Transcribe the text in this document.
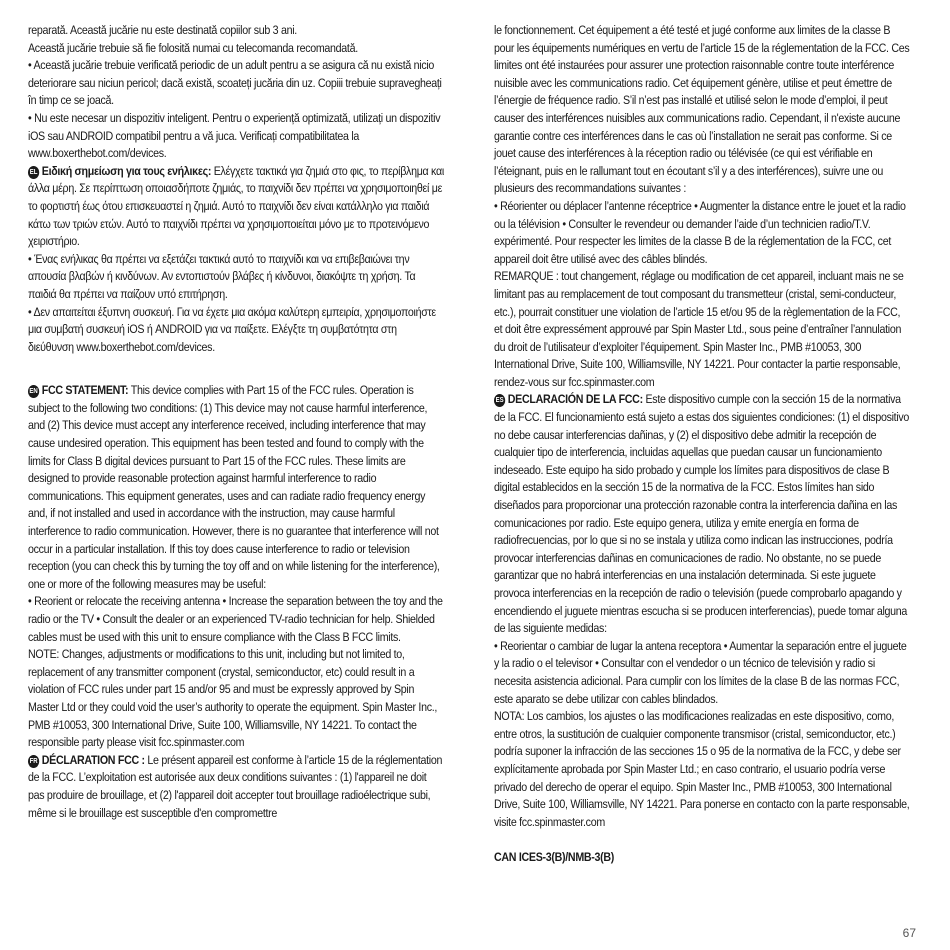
reparată. Această jucărie nu este destinată copiilor sub 3 ani.

Această jucărie trebuie să fie folosită numai cu telecomanda recomandată.

• Această jucărie trebuie verificată periodic de un adult pentru a se asigura că nu există nicio deteriorare sau niciun pericol; dacă există, scoateți jucăria din uz. Copiii trebuie supravegheați în timp ce se joacă.

• Nu este necesar un dispozitiv inteligent. Pentru o experiență optimizată, utilizați un dispozitiv iOS sau ANDROID compatibil pentru a vă juca. Verificați compatibilitatea la www.boxerthebot.com/devices.

EL Ειδική σημείωση για τους ενήλικες: Ελέγχετε τακτικά για ζημιά στο φις, το περίβλημα και άλλα μέρη. Σε περίπτωση οποιασδήποτε ζημιάς, το παιχνίδι δεν πρέπει να χρησιμοποιηθεί με το φορτιστή έως ότου επισκευαστεί η ζημιά. Αυτό το παιχνίδι δεν είναι κατάλληλο για παιδιά κάτω των τριών ετών. Αυτό το παιχνίδι πρέπει να χρησιμοποιείται μόνο με το προτεινόμενο χειριστήριο.

• Ένας ενήλικας θα πρέπει να εξετάζει τακτικά αυτό το παιχνίδι και να επιβεβαιώνει την απουσία βλαβών ή κινδύνων. Αν εντοπιστούν βλάβες ή κίνδυνοι, διακόψτε τη χρήση. Τα παιδιά θα πρέπει να παίζουν υπό επιτήρηση.

• Δεν απαιτείται έξυπνη συσκευή. Για να έχετε μια ακόμα καλύτερη εμπειρία, χρησιμοποιήστε μια συμβατή συσκευή iOS ή ANDROID για να παίξετε. Ελέγξτε τη συμβατότητα στη διεύθυνση www.boxerthebot.com/devices.

EN FCC STATEMENT: This device complies with Part 15 of the FCC rules. Operation is subject to the following two conditions: (1) This device may not cause harmful interference, and (2) This device must accept any interference received, including interference that may cause undesired operation. This equipment has been tested and found to comply with the limits for Class B digital devices pursuant to Part 15 of the FCC rules. These limits are designed to provide reasonable protection against harmful interference to radio communications. This equipment generates, uses and can radiate radio frequency energy and, if not installed and used in accordance with the instruction, may cause harmful interference to radio communication. However, there is no guarantee that interference will not occur in a particular installation. If this toy does cause interference to radio or television reception (you can check this by turning the toy off and on while listening for the interference), one or more of the following measures may be useful:

• Reorient or relocate the receiving antenna • Increase the separation between the toy and the radio or the TV • Consult the dealer or an experienced TV-radio technician for help. Shielded cables must be used with this unit to ensure compliance with the Class B FCC limits.

NOTE: Changes, adjustments or modifications to this unit, including but not limited to, replacement of any transmitter component (crystal, semiconductor, etc) could result in a violation of FCC rules under part 15 and/or 95 and must be expressly approved by Spin Master Ltd or they could void the user’s authority to operate the equipment. Spin Master Inc., PMB #10053, 300 International Drive, Suite 100, Williamsville, NY 14221. To contact the responsible party please visit fcc.spinmaster.com

FR DÉCLARATION FCC : Le présent appareil est conforme à l’article 15 de la réglementation de la FCC. L’exploitation est autorisée aux deux conditions suivantes : (1) l'appareil ne doit pas produire de brouillage, et (2) l'appareil doit accepter tout brouillage radioélectrique subi, même si le brouillage est susceptible d'en compromettre

le fonctionnement. Cet équipement a été testé et jugé conforme aux limites de la classe B pour les équipements numériques en vertu de l’article 15 de la réglementation de la FCC. Ces limites ont été instaurées pour assurer une protection raisonnable contre toute interférence nuisible avec les communications radio. Cet équipement génère, utilise et peut émettre de l’énergie de fréquence radio. S’il n’est pas installé et utilisé selon le mode d’emploi, il peut causer des interférences nuisibles aux communications radio. Cependant, il n'existe aucune garantie contre ces interférences dans le cas où l’installation ne serait pas conforme. Si ce jouet cause des interférences à la réception radio ou télévisée (ce qui est vérifiable en l’éteignant, puis en le rallumant tout en écoutant s’il y a des interférences), suivre une ou plusieurs des recommandations suivantes :

• Réorienter ou déplacer l’antenne réceptrice • Augmenter la distance entre le jouet et la radio ou la télévision • Consulter le revendeur ou demander l’aide d’un technicien radio/T.V. expérimenté. Pour respecter les limites de la classe B de la réglementation de la FCC, cet appareil doit être utilisé avec des câbles blindés.

REMARQUE : tout changement, réglage ou modification de cet appareil, incluant mais ne se limitant pas au remplacement de tout composant du transmetteur (cristal, semi-conducteur, etc.), pourrait constituer une violation de l’article 15 et/ou 95 de la règlementation de la FCC, et doit être expressément approuvé par Spin Master Ltd., sous peine d’entraîner l’annulation du droit de l’utilisateur d’exploiter l’équipement. Spin Master Inc., PMB #10053, 300 International Drive, Suite 100, Williamsville, NY 14221. Pour contacter la partie responsable, rendez-vous sur fcc.spinmaster.com

ES DECLARACIÓN DE LA FCC: Este dispositivo cumple con la sección 15 de la normativa de la FCC. El funcionamiento está sujeto a estas dos siguientes condiciones: (1) el dispositivo no debe causar interferencias dañinas, y (2) el dispositivo debe admitir la recepción de cualquier tipo de interferencia, incluidas aquellas que puedan causar un funcionamiento indeseado. Este equipo ha sido probado y cumple los límites para dispositivos de clase B digital establecidos en la sección 15 de la normativa de la FCC. Estos límites han sido diseñados para proporcionar una protección razonable contra la interferencia dañina en las comunicaciones por radio. Este equipo genera, utiliza y emite energía en forma de radiofrecuencias, por lo que si no se instala y utiliza como indican las instrucciones, podría provocar interferencias dañinas en comunicaciones de radio. No obstante, no se puede garantizar que no habrá interferencias en una instalación determinada. Si este juguete provoca interferencias en la recepción de radio o televisión (puede comprobarlo apagando y encendiendo el juguete mientras escucha si se producen interferencias), puede tomar alguna de las siguiente medidas:

• Reorientar o cambiar de lugar la antena receptora • Aumentar la separación entre el juguete y la radio o el televisor • Consultar con el vendedor o un técnico de televisión y radio si necesita asistencia adicional. Para cumplir con los límites de la clase B de las normas FCC, este aparato se debe utilizar con cables blindados.

NOTA: Los cambios, los ajustes o las modificaciones realizadas en este dispositivo, como, entre otros, la sustitución de cualquier componente transmisor (cristal, semiconductor, etc.) podría suponer la infracción de las secciones 15 o 95 de la normativa de la FCC, y debe ser explícitamente aprobada por Spin Master Ltd.; en caso contrario, el usuario podría verse privado del derecho de operar el equipo. Spin Master Inc., PMB #10053, 300 International Drive, Suite 100, Williamsville, NY 14221. Para ponerse en contacto con la parte responsable, visite fcc.spinmaster.com

CAN ICES-3(B)/NMB-3(B)

67
